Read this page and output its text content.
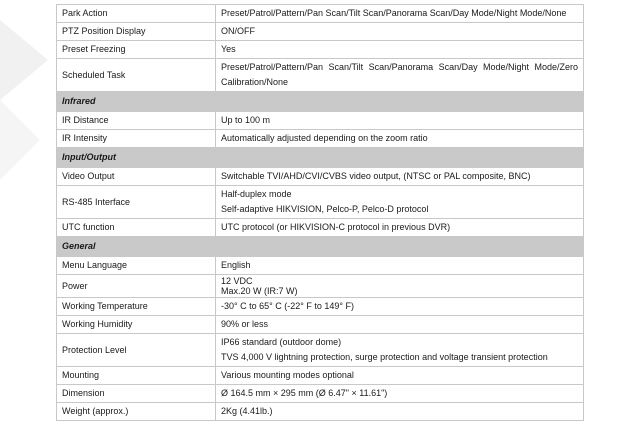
Park Action	Preset/Patrol/Pattern/Pan Scan/Tilt Scan/Panorama Scan/Day Mode/Night Mode/None

PTZ Position Display	ON/OFF

Preset Freezing	Yes

Scheduled Task	Preset/Patrol/Pattern/Pan Scan/Tilt Scan/Panorama Scan/Day Mode/Night Mode/Zero Calibration/None

Infrared	
IR Distance	Up to 100 m

IR Intensity	Automatically adjusted depending on the zoom ratio

Input/Output	
Video Output	Switchable TVI/AHD/CVI/CVBS video output, (NTSC or PAL composite, BNC)

RS-485 Interface	Half-duplex mode
Self-adaptive HIKVISION, Pelco-P, Pelco-D protocol

UTC function	UTC protocol (or HIKVISION-C protocol in previous DVR)

General	
Menu Language	English

Power	12 VDC
Max.20 W (IR:7 W)

Working Temperature	-30° C to 65° C (-22° F to 149° F)

Working Humidity	90% or less

Protection Level	IP66 standard (outdoor dome)
TVS 4,000 V lightning protection, surge protection and voltage transient protection

Mounting	Various mounting modes optional

Dimension	Ø 164.5 mm × 295 mm (Ø 6.47" × 11.61")

Weight (approx.)	2Kg (4.41lb.)
